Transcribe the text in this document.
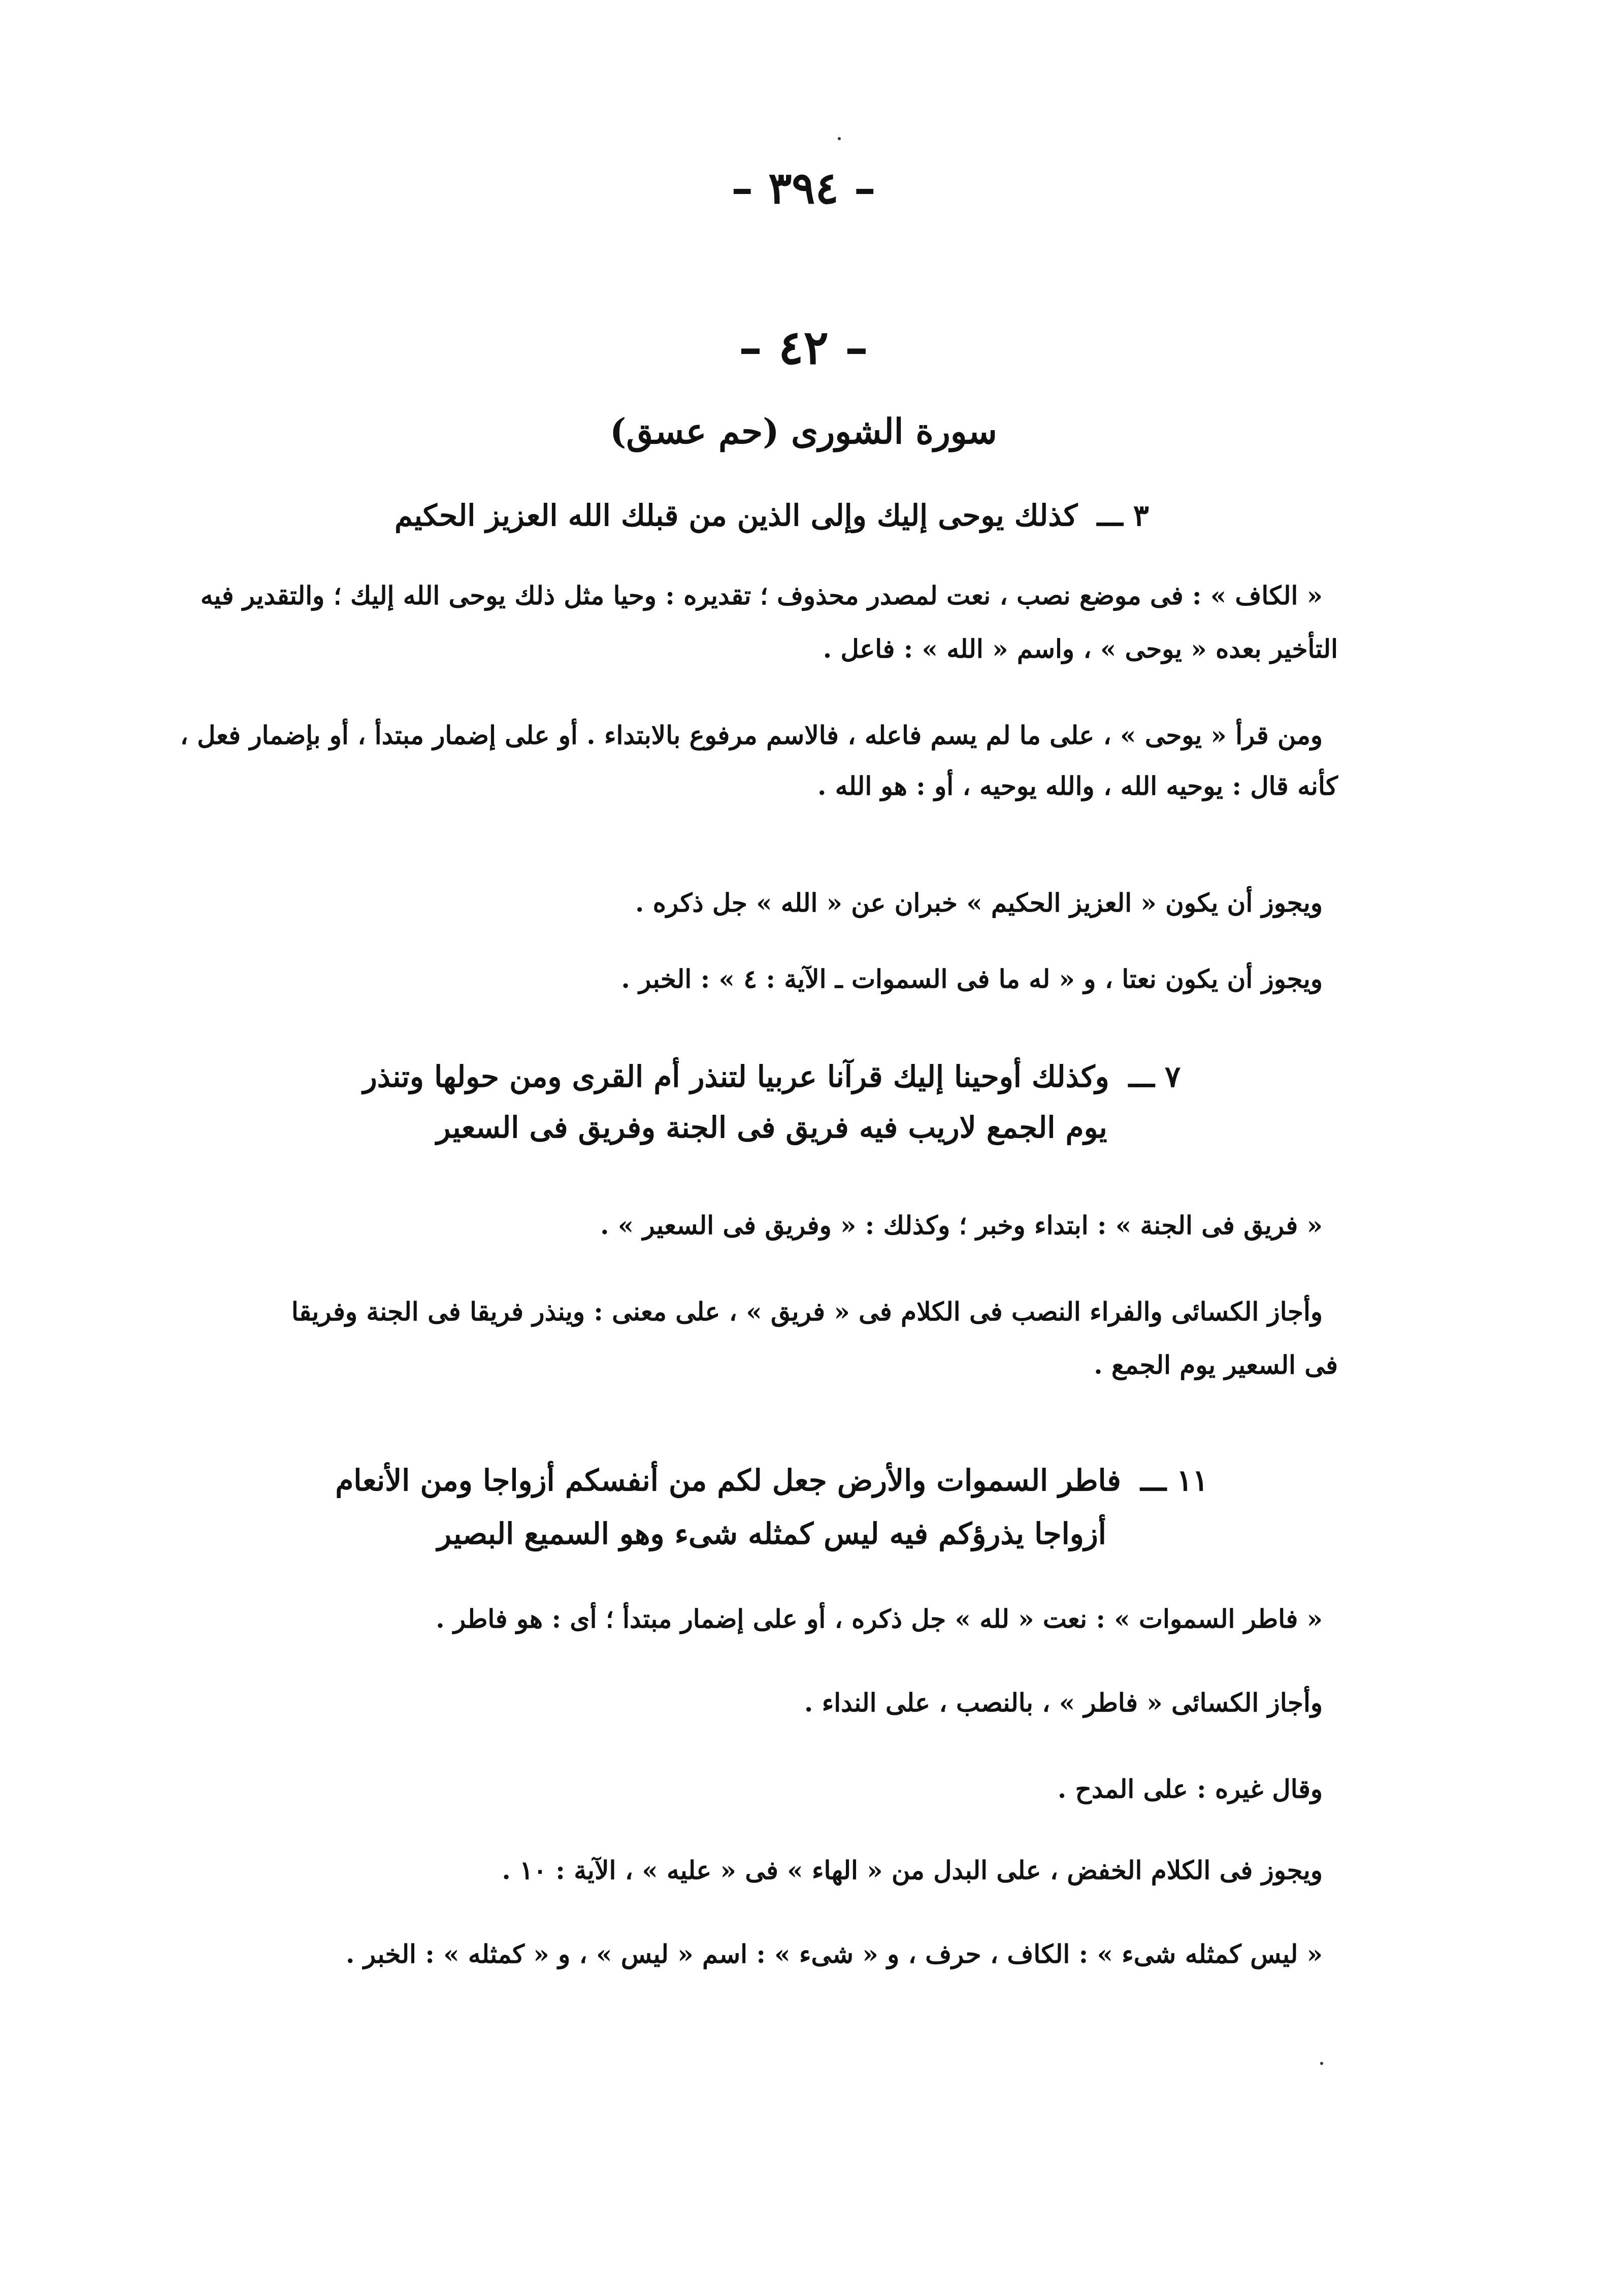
– ٣٩٤ –
– ٤٢ –
سورة الشورى (حم عسق)
٣ ـــ كذلك يوحى إليك وإلى الذين من قبلك الله العزيز الحكيم
« الكاف » : فى موضع نصب ، نعت لمصدر محذوف ؛ تقديره : وحيا مثل ذلك يوحى الله إليك ؛ والتقدير فيه
التأخير بعده « يوحى » ، واسم « الله » : فاعل .
ومن قرأ « يوحى » ، على ما لم يسم فاعله ، فالاسم مرفوع بالابتداء . أو على إضمار مبتدأ ، أو بإضمار فعل ،
كأنه قال : يوحيه الله ، والله يوحيه ، أو : هو الله .
ويجوز أن يكون « العزيز الحكيم » خبران عن « الله » جل ذكره .
ويجوز أن يكون نعتا ، و « له ما فى السموات ـ الآية : ٤ » : الخبر .
٧ ـــ وكذلك أوحينا إليك قرآنا عربيا لتنذر أم القرى ومن حولها وتنذر
يوم الجمع لاريب فيه فريق فى الجنة وفريق فى السعير
« فريق فى الجنة » : ابتداء وخبر ؛ وكذلك : « وفريق فى السعير » .
وأجاز الكسائى والفراء النصب فى الكلام فى « فريق » ، على معنى : وينذر فريقا فى الجنة وفريقا
فى السعير يوم الجمع .
١١ ـــ فاطر السموات والأرض جعل لكم من أنفسكم أزواجا ومن الأنعام
أزواجا يذرؤكم فيه ليس كمثله شىء وهو السميع البصير
« فاطر السموات » : نعت « لله » جل ذكره ، أو على إضمار مبتدأ ؛ أى : هو فاطر .
وأجاز الكسائى « فاطر » ، بالنصب ، على النداء .
وقال غيره : على المدح .
ويجوز فى الكلام الخفض ، على البدل من « الهاء » فى « عليه » ، الآية : ١٠ .
« ليس كمثله شىء » : الكاف ، حرف ، و « شىء » : اسم « ليس » ، و « كمثله » : الخبر .
